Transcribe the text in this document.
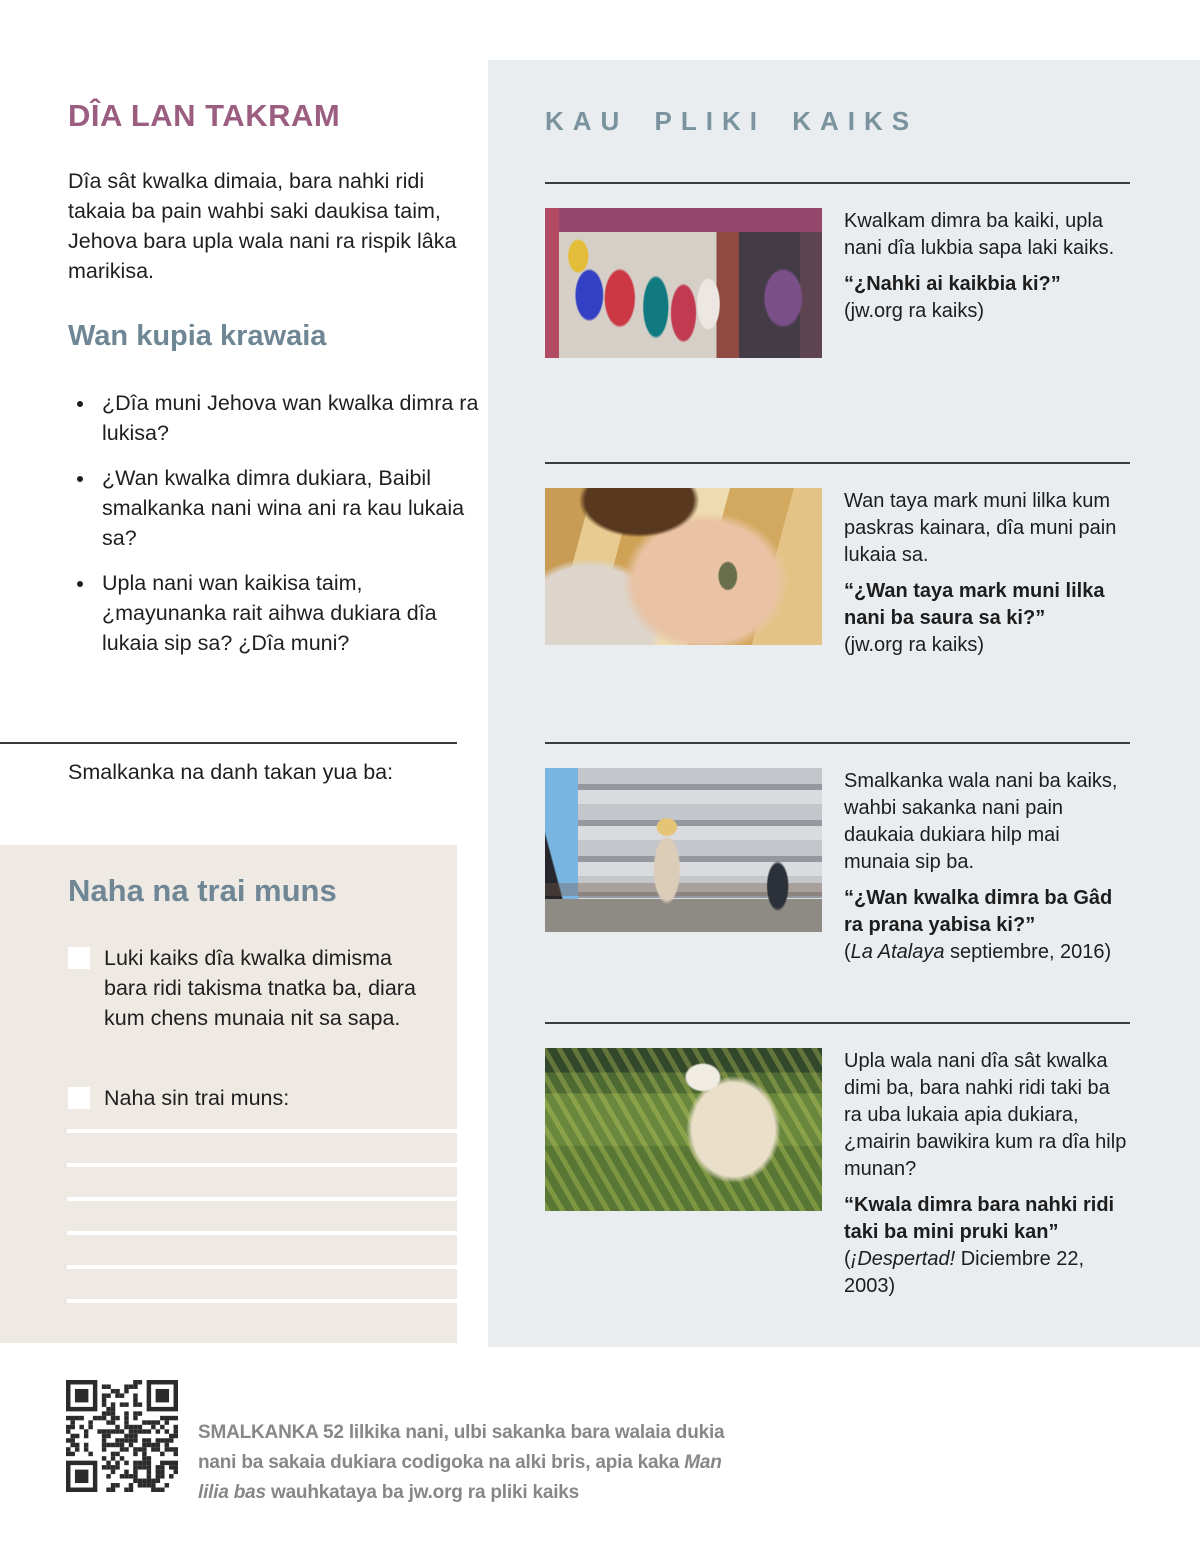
DÎA LAN TAKRAM

Dîa sât kwalka dimaia, bara nahki ridi takaia ba pain wahbi saki daukisa taim, Jehova bara upla wala nani ra rispik lâka marikisa.

Wan kupia krawaia
• ¿Dîa muni Jehova wan kwalka dimra ra lukisa?
• ¿Wan kwalka dimra dukiara, Baibil smalkanka nani wina ani ra kau lukaia sa?
• Upla nani wan kaikisa taim, ¿mayunanka rait aihwa dukiara dîa lukaia sip sa? ¿Dîa muni?

Smalkanka na danh takan yua ba:

Naha na trai muns

Luki kaiks dîa kwalka dimisma bara ridi takisma tnatka ba, diara kum chens munaia nit sa sapa.

Naha sin trai muns:

KAU PLIKI KAIKS

Kwalkam dimra ba kaiki, upla nani dîa lukbia sapa laki kaiks.

“¿Nahki ai kaikbia ki?”

(jw.org ra kaiks)

Wan taya mark muni lilka kum paskras kainara, dîa muni pain lukaia sa.

“¿Wan taya mark muni lilka nani ba saura sa ki?”

(jw.org ra kaiks)

Smalkanka wala nani ba kaiks, wahbi sakanka nani pain daukaia dukiara hilp mai munaia sip ba.

“¿Wan kwalka dimra ba Gâd ra prana yabisa ki?”

(La Atalaya septiembre, 2016)

Upla wala nani dîa sât kwalka dimi ba, bara nahki ridi taki ba ra uba lukaia apia dukiara, ¿mairin bawikira kum ra dîa hilp munan?

“Kwala dimra bara nahki ridi taki ba mini pruki kan”

(¡Despertad! Diciembre 22, 2003)

SMALKANKA 52 lilkika nani, ulbi sakanka bara walaia dukia nani ba sakaia dukiara codigoka na alki bris, apia kaka Man lilia bas wauhkataya ba jw.org ra pliki kaiks
